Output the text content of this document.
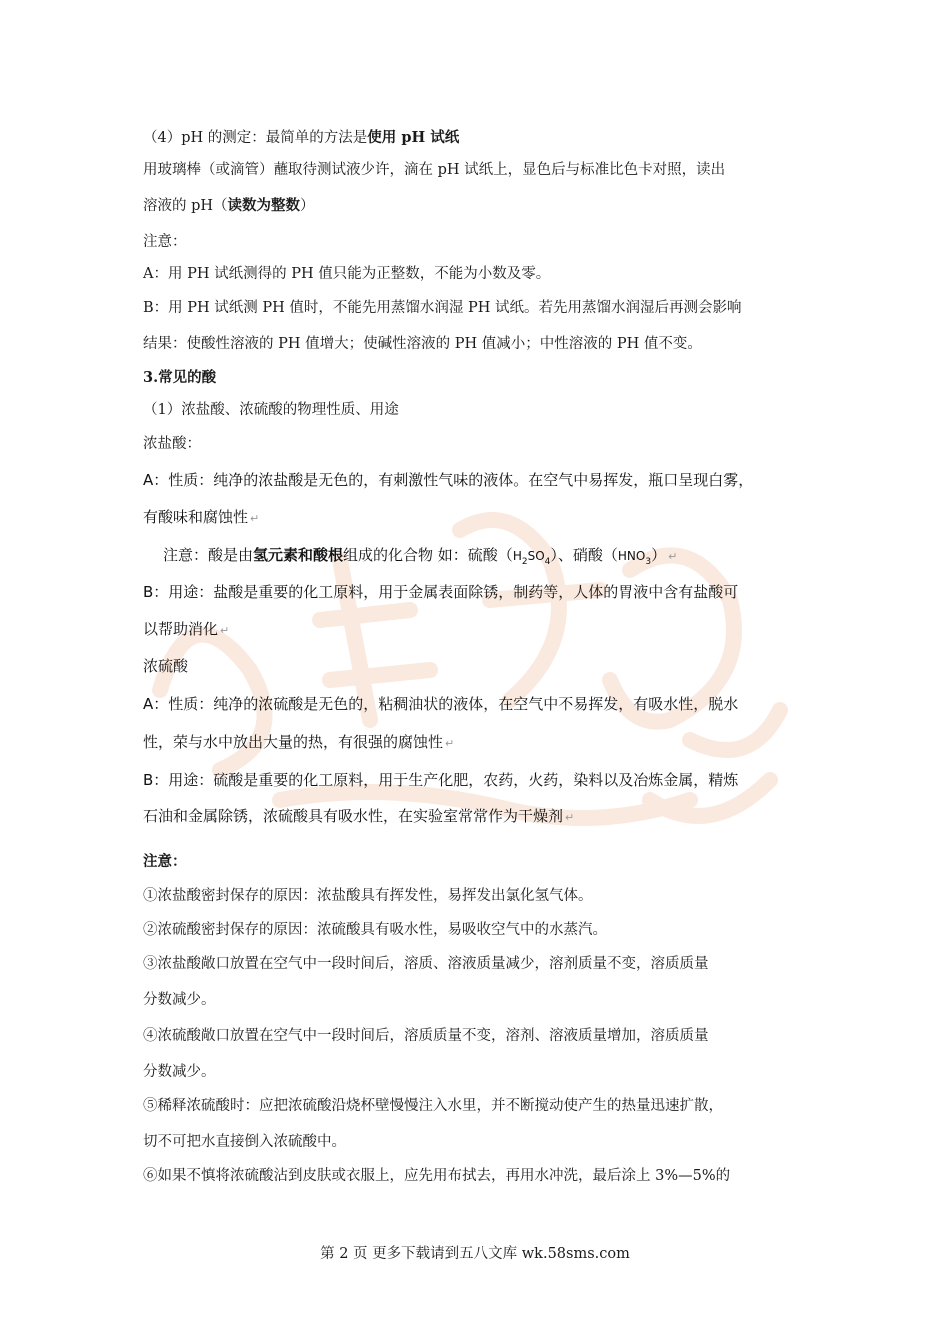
（4）pH 的测定：最简单的方法是使用 pH 试纸
用玻璃棒（或滴管）蘸取待测试液少许，滴在 pH 试纸上，显色后与标准比色卡对照，读出
溶液的 pH（读数为整数）
注意：
A：用 PH 试纸测得的 PH 值只能为正整数，不能为小数及零。
B：用 PH 试纸测 PH 值时，不能先用蒸馏水润湿 PH 试纸。若先用蒸馏水润湿后再测会影响
结果：使酸性溶液的 PH 值增大；使碱性溶液的 PH 值减小；中性溶液的 PH 值不变。
3.常见的酸
（1）浓盐酸、浓硫酸的物理性质、用途
浓盐酸：
A：性质：纯净的浓盐酸是无色的，有刺激性气味的液体。在空气中易挥发，瓶口呈现白雾，
有酸味和腐蚀性 ↵
注意：酸是由氢元素和酸根组成的化合物 如：硫酸$(H_2SO_4)$、硝酸$(HNO_3)$ ↵
B：用途：盐酸是重要的化工原料，用于金属表面除锈，制药等，人体的胃液中含有盐酸可
以帮助消化 ↵
浓硫酸
A：性质：纯净的浓硫酸是无色的，粘稠油状的液体，在空气中不易挥发，有吸水性，脱水
性，荣与水中放出大量的热，有很强的腐蚀性 ↵
B：用途：硫酸是重要的化工原料，用于生产化肥，农药，火药，染料以及冶炼金属，精炼
石油和金属除锈，浓硫酸具有吸水性，在实验室常常作为干燥剂 ↵
注意：
①浓盐酸密封保存的原因：浓盐酸具有挥发性，易挥发出氯化氢气体。
②浓硫酸密封保存的原因：浓硫酸具有吸水性，易吸收空气中的水蒸汽。
③浓盐酸敞口放置在空气中一段时间后，溶质、溶液质量减少，溶剂质量不变，溶质质量
分数减少。
④浓硫酸敞口放置在空气中一段时间后，溶质质量不变，溶剂、溶液质量增加，溶质质量
分数减少。
⑤稀释浓硫酸时：应把浓硫酸沿烧杯壁慢慢注入水里，并不断搅动使产生的热量迅速扩散，
切不可把水直接倒入浓硫酸中。
⑥如果不慎将浓硫酸沾到皮肤或衣服上，应先用布拭去，再用水冲洗，最后涂上 3%—5%的
第 2 页 更多下载请到五八文库 wk.58sms.com
